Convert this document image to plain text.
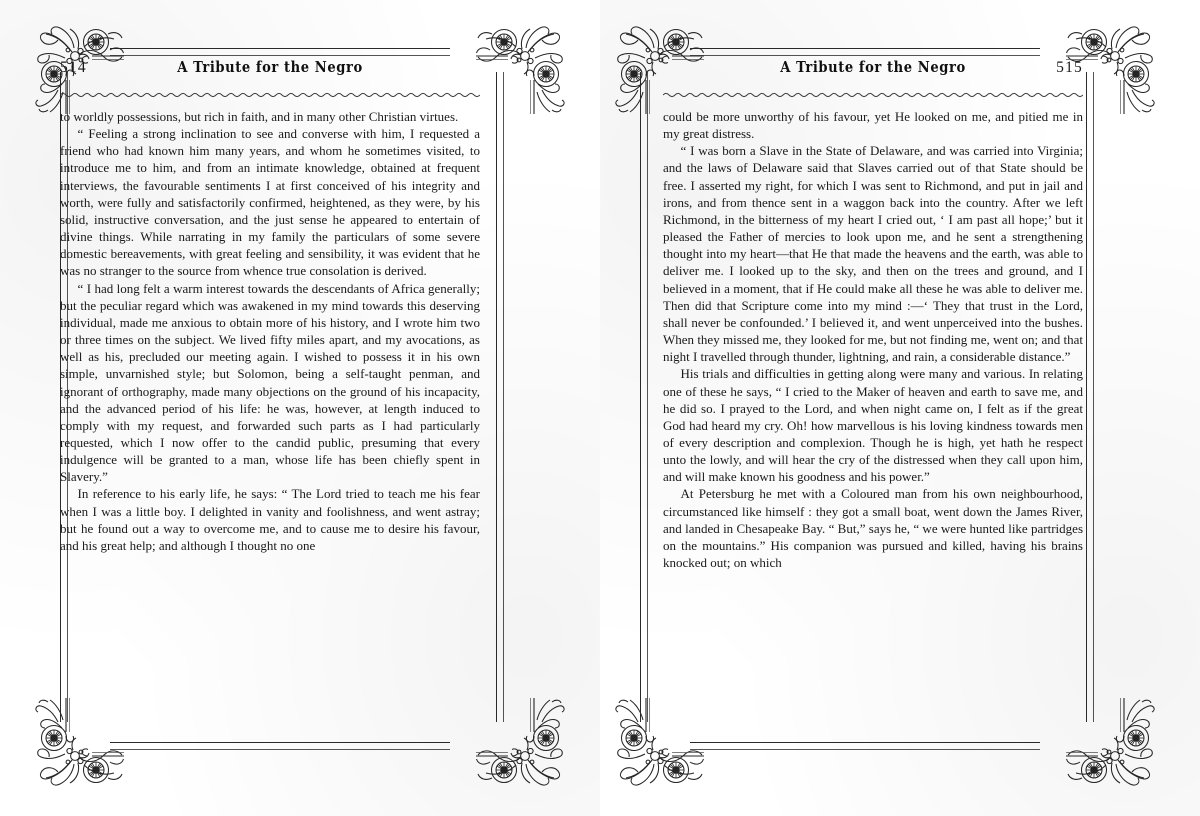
514	A Tribute for the Negro

to worldly possessions, but rich in faith, and in many other Christian virtues.

“ Feeling a strong inclination to see and converse with him, I requested a friend who had known him many years, and whom he sometimes visited, to introduce me to him, and from an intimate knowledge, obtained at frequent interviews, the favourable sentiments I at first conceived of his integrity and worth, were fully and satisfactorily confirmed, heightened, as they were, by his solid, instructive conversation, and the just sense he appeared to entertain of divine things. While narrating in my family the particulars of some severe domestic bereavements, with great feeling and sensibility, it was evident that he was no stranger to the source from whence true consolation is derived.

“ I had long felt a warm interest towards the descendants of Africa generally; but the peculiar regard which was awakened in my mind towards this deserving individual, made me anxious to obtain more of his history, and I wrote him two or three times on the subject. We lived fifty miles apart, and my avocations, as well as his, precluded our meeting again. I wished to possess it in his own simple, unvarnished style; but Solomon, being a self-taught penman, and ignorant of orthography, made many objections on the ground of his incapacity, and the advanced period of his life: he was, however, at length induced to comply with my request, and forwarded such parts as I had particularly requested, which I now offer to the candid public, presuming that every indulgence will be granted to a man, whose life has been chiefly spent in Slavery.”

In reference to his early life, he says: “ The Lord tried to teach me his fear when I was a little boy. I delighted in vanity and foolishness, and went astray; but he found out a way to overcome me, and to cause me to desire his favour, and his great help; and although I thought no one

A Tribute for the Negro	515

could be more unworthy of his favour, yet He looked on me, and pitied me in my great distress.

“ I was born a Slave in the State of Delaware, and was carried into Virginia; and the laws of Delaware said that Slaves carried out of that State should be free. I asserted my right, for which I was sent to Richmond, and put in jail and irons, and from thence sent in a waggon back into the country. After we left Richmond, in the bitterness of my heart I cried out, ‘ I am past all hope;’ but it pleased the Father of mercies to look upon me, and he sent a strengthening thought into my heart—that He that made the heavens and the earth, was able to deliver me. I looked up to the sky, and then on the trees and ground, and I believed in a moment, that if He could make all these he was able to deliver me. Then did that Scripture come into my mind :—‘ They that trust in the Lord, shall never be confounded.’ I believed it, and went unperceived into the bushes. When they missed me, they looked for me, but not finding me, went on; and that night I travelled through thunder, lightning, and rain, a considerable distance.”

His trials and difficulties in getting along were many and various. In relating one of these he says, “ I cried to the Maker of heaven and earth to save me, and he did so. I prayed to the Lord, and when night came on, I felt as if the great God had heard my cry. Oh! how marvellous is his loving kindness towards men of every description and complexion. Though he is high, yet hath he respect unto the lowly, and will hear the cry of the distressed when they call upon him, and will make known his goodness and his power.”

At Petersburg he met with a Coloured man from his own neighbourhood, circumstanced like himself : they got a small boat, went down the James River, and landed in Chesapeake Bay. “ But,” says he, “ we were hunted like partridges on the mountains.” His companion was pursued and killed, having his brains knocked out; on which
